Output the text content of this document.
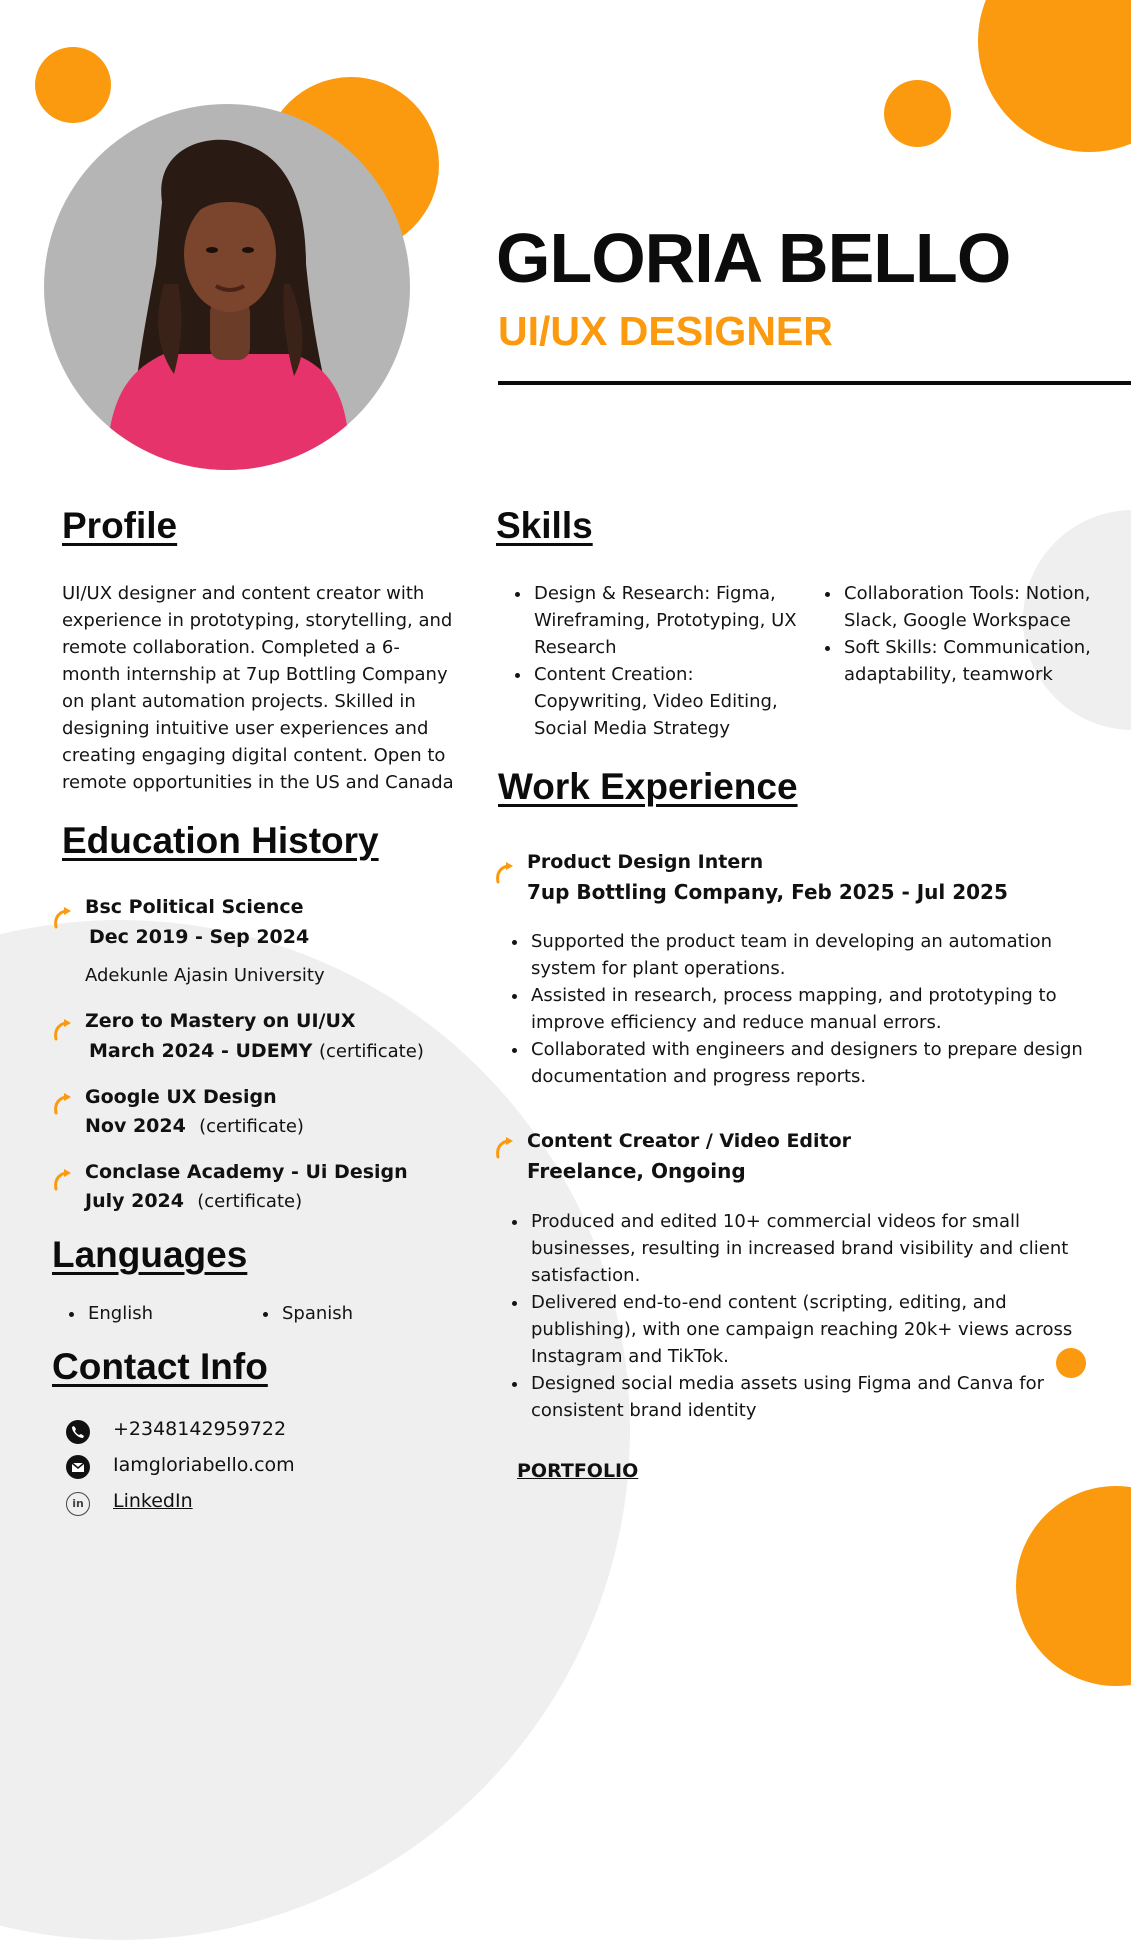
GLORIA BELLO
UI/UX DESIGNER
Profile
UI/UX designer and content creator with
experience in prototyping, storytelling, and
remote collaboration. Completed a 6-
month internship at 7up Bottling Company
on plant automation projects. Skilled in
designing intuitive user experiences and
creating engaging digital content. Open to
remote opportunities in the US and Canada
Skills
• Design & Research: Figma, Wireframing, Prototyping, UX Research
• Content Creation: Copywriting, Video Editing, Social Media Strategy
• Collaboration Tools: Notion, Slack, Google Workspace
• Soft Skills: Communication, adaptability, teamwork
Education History
Bsc Political Science
Dec 2019 - Sep 2024
Adekunle Ajasin University
Zero to Mastery on UI/UX
March 2024 - UDEMY (certificate)
Google UX Design
Nov 2024 (certificate)
Conclase Academy - Ui Design
July 2024 (certificate)
Languages
• English
•	Spanish
Contact Info
+2348142959722
Iamgloriabello.com
in	LinkedIn
Work Experience
Product Design Intern
7up Bottling Company, Feb 2025 - Jul 2025
• Supported the product team in developing an automation system for plant operations.
• Assisted in research, process mapping, and prototyping to improve efficiency and reduce manual errors.
• Collaborated with engineers and designers to prepare design documentation and progress reports.
Content Creator / Video Editor
Freelance, Ongoing
• Produced and edited 10+ commercial videos for small businesses, resulting in increased brand visibility and client satisfaction.
• Delivered end-to-end content (scripting, editing, and publishing), with one campaign reaching 20k+ views across Instagram and TikTok.
• Designed social media assets using Figma and Canva for consistent brand identity
PORTFOLIO
